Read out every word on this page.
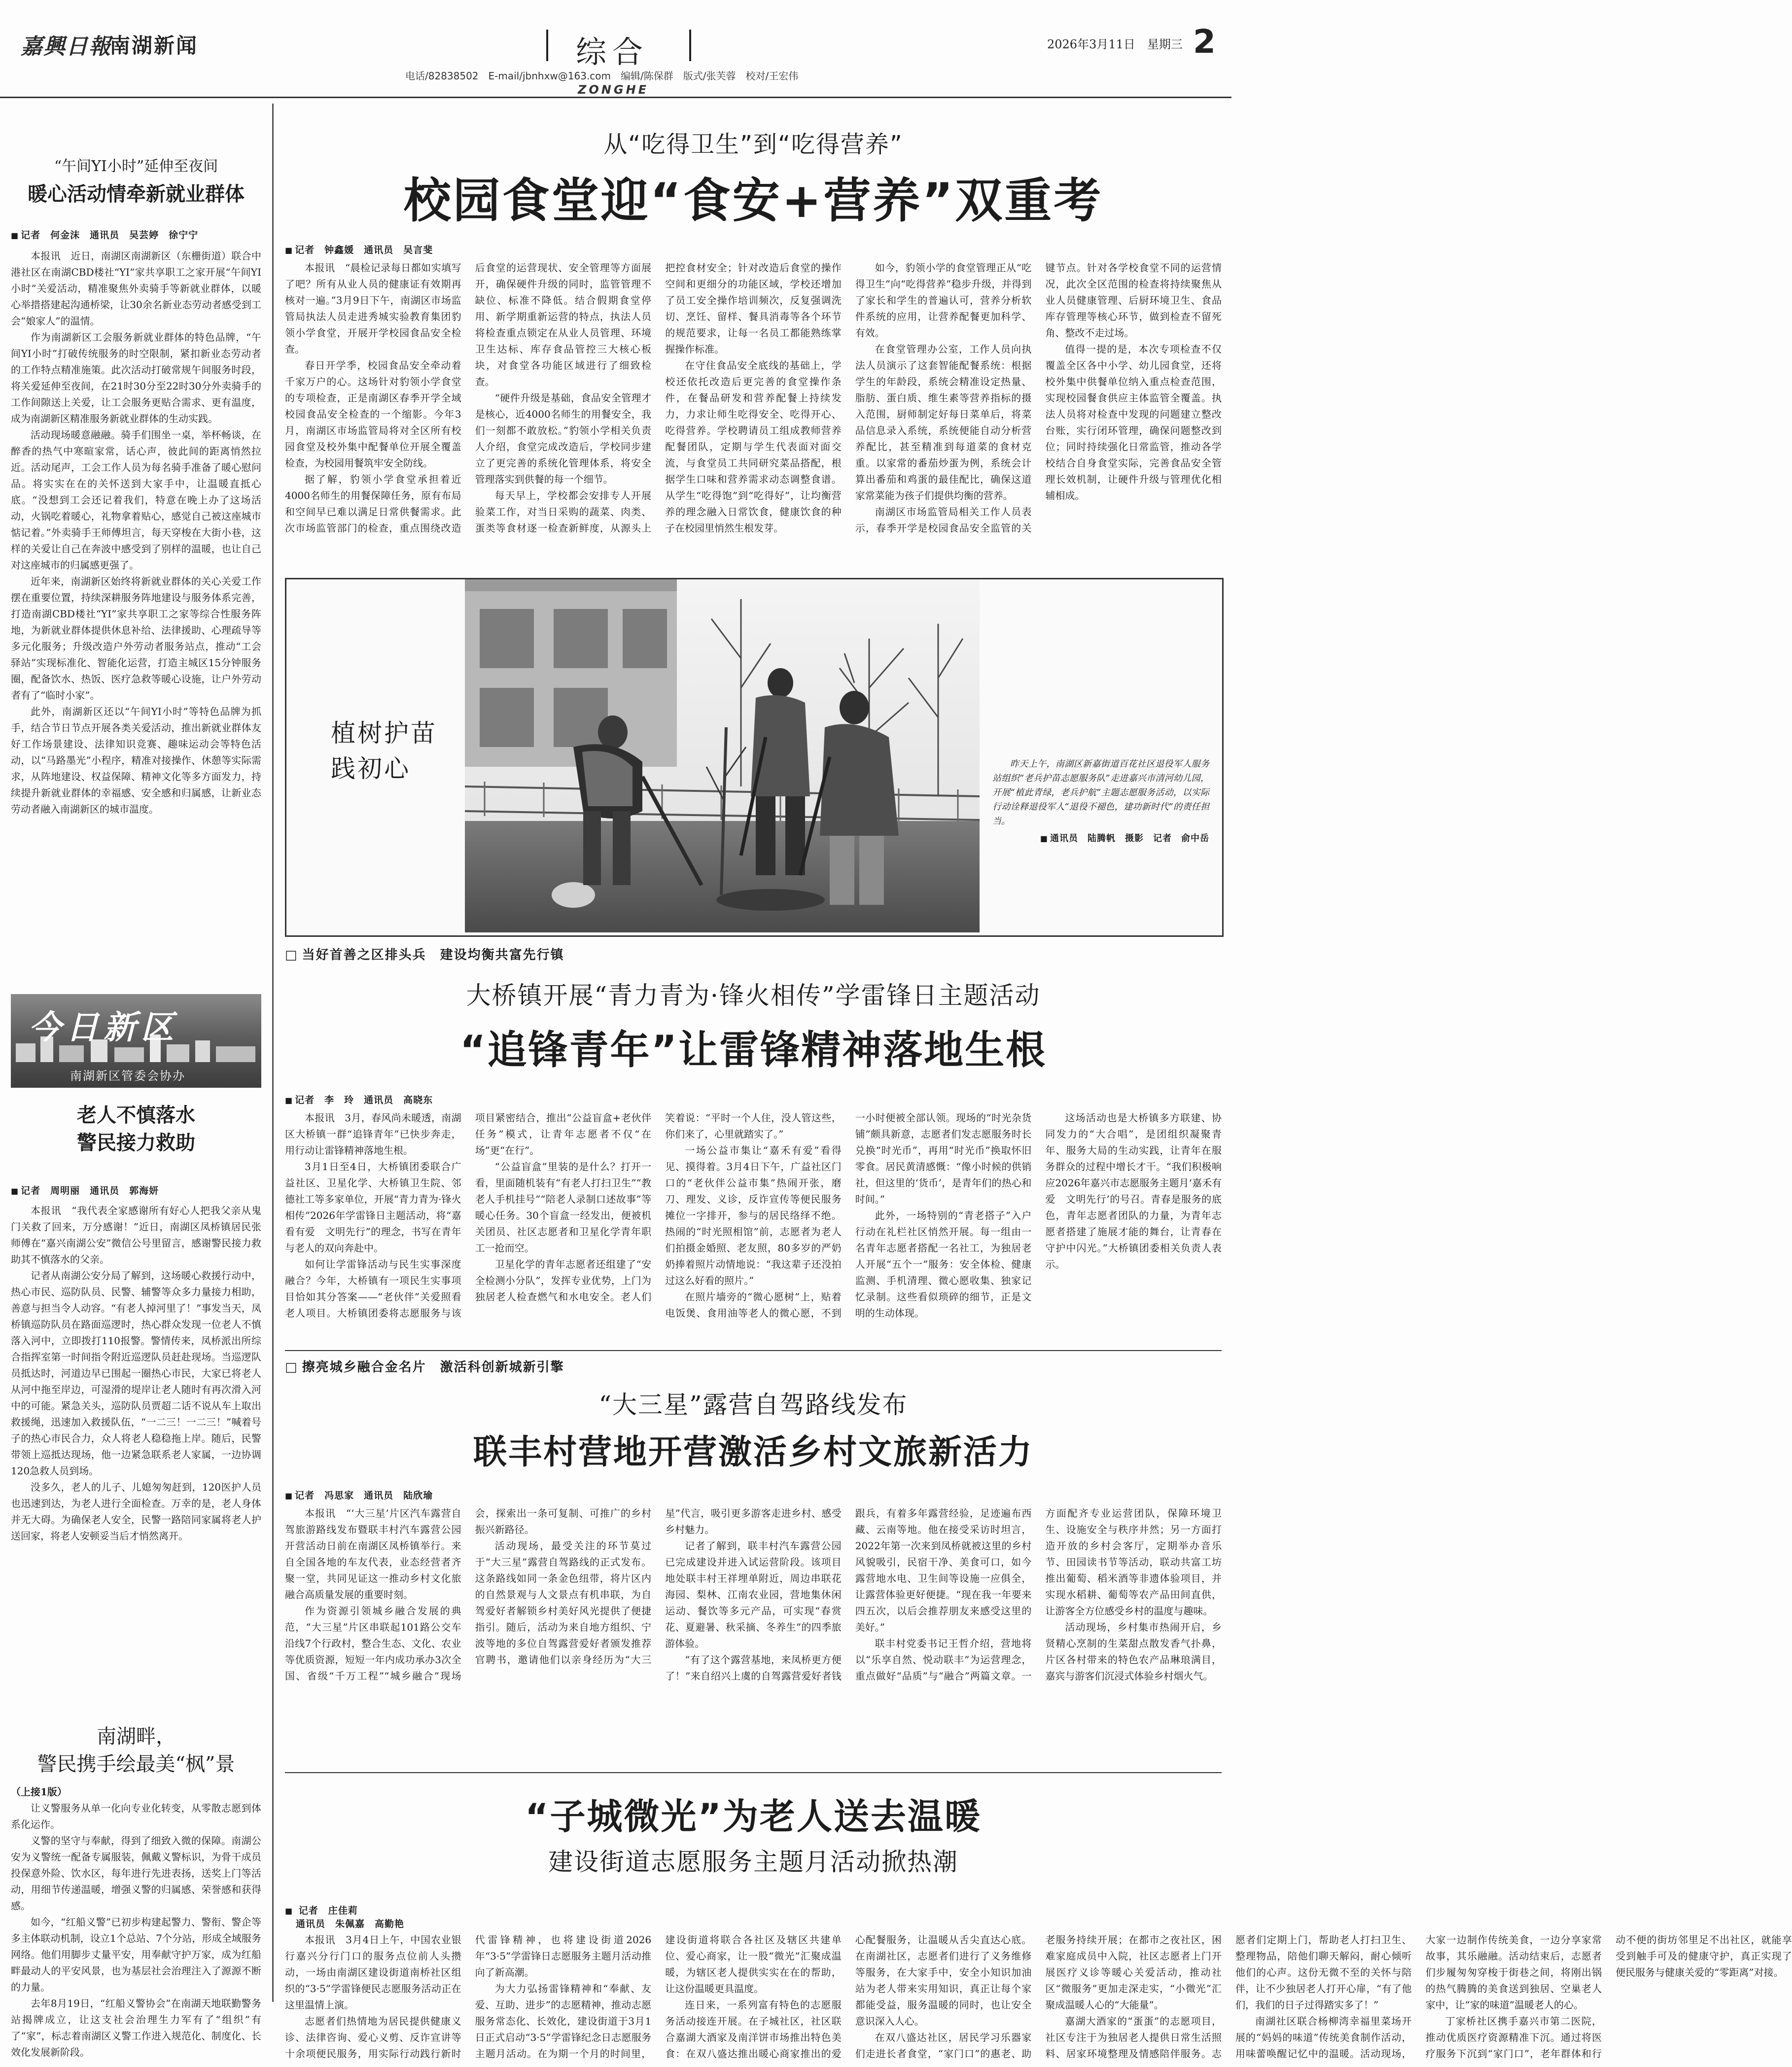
嘉興日報
南湖新闻	综合
ZONGHE
电话/82838502　E-mail/jbnhxw@163.com　编辑/陈保群　版式/张芙蓉　校对/王宏伟
2026年3月11日　星期三 2
“午间YI小时”延伸至夜间
暖心活动情牵新就业群体
■ 记者　何金沫　通讯员　吴芸婷　徐宁宁

本报讯　近日，南湖区南湖新区（东栅街道）联合中港社区在南湖CBD楼社“YI”家共享职工之家开展“午间YI小时”关爱活动，精准聚焦外卖骑手等新就业群体，以暖心举措搭建起沟通桥梁，让30余名新业态劳动者感受到工会“娘家人”的温情。

作为南湖新区工会服务新就业群体的特色品牌，“午间YI小时”打破传统服务的时空限制，紧扣新业态劳动者的工作特点精准施策。此次活动打破常规午间服务时段，将关爱延伸至夜间，在21时30分至22时30分外卖骑手的工作间隙送上关爱，让工会服务更贴合需求、更有温度，成为南湖新区精准服务新就业群体的生动实践。

活动现场暖意融融。骑手们围坐一桌，举杯畅谈，在醉香的热气中寒暄家常，话心声，彼此间的距离悄然拉近。活动尾声，工会工作人员为每名骑手准备了暖心慰问品。将实实在在的关怀送到大家手中，让温暖直抵心底。“没想到工会还记着我们，特意在晚上办了这场活动，火锅吃着暖心，礼物拿着贴心，感觉自己被这座城市惦记着。”外卖骑手王师傅坦言，每天穿梭在大街小巷，这样的关爱让自己在奔波中感受到了别样的温暖，也让自己对这座城市的归属感更强了。

近年来，南湖新区始终将新就业群体的关心关爱工作摆在重要位置，持续深耕服务阵地建设与服务体系完善，打造南湖CBD楼社“YI”家共享职工之家等综合性服务阵地，为新就业群体提供休息补给、法律援助、心理疏导等多元化服务；升级改造户外劳动者服务站点，推动“工会驿站”实现标准化、智能化运营，打造主城区15分钟服务圈，配备饮水、热饭、医疗急救等暖心设施，让户外劳动者有了“临时小家”。

此外，南湖新区还以“午间YI小时”等特色品牌为抓手，结合节日节点开展各类关爱活动，推出新就业群体友好工作场景建设、法律知识竞赛、趣味运动会等特色活动，以“马路墨光”小程序，精准对接操作、休憩等实际需求，从阵地建设、权益保障、精神文化等多方面发力，持续提升新就业群体的幸福感、安全感和归属感，让新业态劳动者融入南湖新区的城市温度。

今日新区
南湖新区管委会协办
老人不慎落水
警民接力救助
■ 记者　周明丽　通讯员　郭海妍

本报讯　“我代表全家感谢所有好心人把我父亲从鬼门关救了回来，万分感谢！”近日，南湖区凤桥镇居民张师傅在“嘉兴南湖公安”微信公号里留言，感谢警民接力救助其不慎落水的父亲。

记者从南湖公安分局了解到，这场暖心救援行动中，热心市民、巡防队员、民警、辅警等众多力量接力相助，善意与担当令人动容。“有老人掉河里了！”事发当天，凤桥镇巡防队员在路面巡逻时，热心群众发现一位老人不慎落入河中，立即拨打110报警。警情传来，凤桥派出所综合指挥室第一时间指令附近巡逻队员赶赴现场。当巡逻队员抵达时，河道边早已围起一圈热心市民，大家已将老人从河中拖至岸边，可湿滑的堤岸让老人随时有再次滑入河中的可能。紧急关头，巡防队员贾超二话不说从车上取出救援绳，迅速加入救援队伍，“一二三！一二三！”喊着号子的热心市民合力，众人将老人稳稳拖上岸。随后，民警带领上巡抵达现场，他一边紧急联系老人家属，一边协调120急救人员到场。

没多久，老人的儿子、儿媳匆匆赶到，120医护人员也迅速到达，为老人进行全面检查。万幸的是，老人身体并无大碍。为确保老人安全，民警一路陪同家属将老人护送回家，将老人安顿妥当后才悄然离开。

南湖畔，
警民携手绘最美“枫”景
（上接1版）

让义警服务从单一化向专业化转变，从零散志愿到体系化运作。

义警的坚守与奉献，得到了细致入微的保障。南湖公安为义警统一配备专属服装，佩戴义警标识，为骨干成员投保意外险、饮水区，每年进行先进表扬，送奖上门等活动，用细节传递温暖，增强义警的归属感、荣誉感和获得感。

如今，“红船义警”已初步构建起警力、警衔、警企等多主体联动机制，设立1个总站、7个分站，形成全域服务网络。他们用脚步丈量平安，用奉献守护万家，成为红船畔最动人的平安风景，也为基层社会治理注入了源源不断的力量。

去年8月19日，“红船义警协会”在南湖天地联勤警务站揭牌成立，让这支社会治理生力军有了“组织”有了“家”，标志着南湖区义警工作进入规范化、制度化、长效化发展新阶段。

从“吃得卫生”到“吃得营养”
校园食堂迎“食安+营养”双重考
■ 记者　钟鑫媛　通讯员　吴言斐

本报讯　“晨检记录每日都如实填写了吧？所有从业人员的健康证有效期再核对一遍。”3月9日下午，南湖区市场监管局执法人员走进秀城实验教育集团豹领小学食堂，开展开学校园食品安全检查。

春日开学季，校园食品安全牵动着千家万户的心。这场针对豹领小学食堂的专项检查，正是南湖区春季开学全域校园食品安全检查的一个缩影。今年3月，南湖区市场监管局将对全区所有校园食堂及校外集中配餐单位开展全覆盖检查，为校园用餐筑牢安全防线。

据了解，豹领小学食堂承担着近4000名师生的用餐保障任务，原有布局和空间早已难以满足日常供餐需求。此次市场监管部门的检查，重点围绕改造后食堂的运营现状、安全管理等方面展开，确保硬件升级的同时，监管管理不缺位、标准不降低。结合假期食堂停用、新学期重新运营的特点，执法人员将检查重点锁定在从业人员管理、环境卫生达标、库存食品管控三大核心板块，对食堂各功能区域进行了细致检查。

“硬件升级是基础，食品安全管理才是核心，近4000名师生的用餐安全，我们一刻都不敢放松。”豹领小学相关负责人介绍，食堂完成改造后，学校同步建立了更完善的系统化管理体系，将安全管理落实到供餐的每一个细节。

每天早上，学校都会安排专人开展验菜工作，对当日采购的蔬菜、肉类、蛋类等食材逐一检查新鲜度，从源头上把控食材安全；针对改造后食堂的操作空间和更细分的功能区域，学校还增加了员工安全操作培训频次，反复强调洗切、烹饪、留样、餐具消毒等各个环节的规范要求，让每一名员工都能熟练掌握操作标准。

在守住食品安全底线的基础上，学校还依托改造后更完善的食堂操作条件，在餐品研发和营养配餐上持续发力，力求让师生吃得安全、吃得开心、吃得营养。学校聘请员工组成教师营养配餐团队，定期与学生代表面对面交流，与食堂员工共同研究菜品搭配，根据学生口味和营养需求动态调整食谱。从学生“吃得饱”到“吃得好”，让均衡营养的理念融入日常饮食，健康饮食的种子在校园里悄然生根发芽。

如今，豹领小学的食堂管理正从“吃得卫生”向“吃得营养”稳步升级，并得到了家长和学生的普遍认可，营养分析软件系统的应用，让营养配餐更加科学、有效。

在食堂管理办公室，工作人员向执法人员演示了这套智能配餐系统：根据学生的年龄段，系统会精准设定热量、脂肪、蛋白质、维生素等营养指标的摄入范围，厨师制定好每日菜单后，将菜品信息录入系统，系统便能自动分析营养配比，甚至精准到每道菜的食材克重。以家常的番茄炒蛋为例，系统会计算出番茄和鸡蛋的最佳配比，确保这道家常菜能为孩子们提供均衡的营养。

南湖区市场监管局相关工作人员表示，春季开学是校园食品安全监管的关键节点。针对各学校食堂不同的运营情况，此次全区范围的检查将持续聚焦从业人员健康管理、后厨环境卫生、食品库存管理等核心环节，做到检查不留死角、整改不走过场。

值得一提的是，本次专项检查不仅覆盖全区各中小学、幼儿园食堂，还将校外集中供餐单位纳入重点检查范围，实现校园餐食供应主体监管全覆盖。执法人员将对检查中发现的问题建立整改台账，实行闭环管理，确保问题整改到位；同时持续强化日常监管，推动各学校结合自身食堂实际，完善食品安全管理长效机制，让硬件升级与管理优化相辅相成。

植树护苗
践初心	昨天上午，南湖区新嘉街道百花社区退役军人服务站组织“老兵护苗志愿服务队”走进嘉兴市清河幼儿园，开展“植此青绿，老兵护航”主题志愿服务活动，以实际行动诠释退役军人“退役不褪色，建功新时代”的责任担当。
■ 通讯员　陆腾帆　摄影　记者　俞中岳
□ 当好首善之区排头兵　建设均衡共富先行镇
大桥镇开展“青力青为·锋火相传”学雷锋日主题活动
“追锋青年”让雷锋精神落地生根
■ 记者　李　玲　通讯员　高晓东

本报讯　3月，春风尚未暖透，南湖区大桥镇一群“追锋青年”已快步奔走，用行动让雷锋精神落地生根。

3月1日至4日，大桥镇团委联合广益社区、卫星化学、大桥镇卫生院、邻德社工等多家单位，开展“青力青为·锋火相传”2026年学雷锋日主题活动，将“嘉看有爱　文明先行”的理念，书写在青年与老人的双向奔赴中。

如何让学雷锋活动与民生实事深度融合？今年，大桥镇有一项民生实事项目恰如其分答案——“老伙伴”关爱照看老人项目。大桥镇团委将志愿服务与该项目紧密结合，推出“公益盲盒+老伙伴任务”模式，让青年志愿者不仅“在场”更“在行”。

“公益盲盒”里装的是什么？打开一看，里面随机装有“有老人打扫卫生”“教老人手机挂号”“陪老人录制口述故事”等暖心任务。30个盲盒一经发出，便被机关团员、社区志愿者和卫星化学青年职工一抢而空。

卫星化学的青年志愿者还组建了“安全检测小分队”，发挥专业优势，上门为独居老人检查燃气和水电安全。老人们笑着说：“平时一个人住，没人管这些，你们来了，心里就踏实了。”

一场公益市集让“嘉禾有爱”看得见、摸得着。3月4日下午，广益社区门口的“老伙伴公益市集”热闹开张，磨刀、理发、义诊，反诈宣传等便民服务摊位一字排开，参与的居民络绎不绝。热闹的“时光照相馆”前，志愿者为老人们拍摄金婚照、老友照，80多岁的严奶奶捧着照片动情地说：“我这辈子还没拍过这么好看的照片。”

在照片墙旁的“微心愿树”上，贴着电饭煲、食用油等老人的微心愿，不到一小时便被全部认领。现场的“时光杂货铺”颇具新意，志愿者们发志愿服务时长兑换“时光币”，再用“时光币”换取怀旧零食。居民黄清感慨：“像小时候的供销社，但这里的‘货币’，是青年们的热心和时间。”

此外，一场特别的“青老搭子”入户行动在礼栏社区悄然开展。每一组由一名青年志愿者搭配一名社工，为独居老人开展“五个一”服务：安全体检、健康监测、手机清理、微心愿收集、独家记忆录制。这些看似琐碎的细节，正是文明的生动体现。

这场活动也是大桥镇多方联建、协同发力的“大合唱”，是团组织凝聚青年、服务大局的生动实践，让青年在服务群众的过程中增长才干。“我们积极响应2026年嘉兴市志愿服务主题月‘嘉禾有爱　文明先行’的号召。青春是服务的底色，青年志愿者团队的力量，为青年志愿者搭建了施展才能的舞台，让青春在守护中闪光。”大桥镇团委相关负责人表示。

□ 擦亮城乡融合金名片　激活科创新城新引擎
“大三星”露营自驾路线发布
联丰村营地开营激活乡村文旅新活力
■ 记者　冯思家　通讯员　陆欣瑜

本报讯　“‘大三星’片区汽车露营自驾旅游路线发布暨联丰村汽车露营公园开营活动日前在南湖区凤桥镇举行。来自全国各地的车友代表，业态经营者齐聚一堂，共同见证这一推动乡村文化旅融合高质量发展的重要时刻。

作为资源引领城乡融合发展的典范，“大三星”片区串联起101路公交车沿线7个行政村，整合生态、文化、农业等优质资源，短短一年内成功承办3次全国、省级“千万工程”“城乡融合”现场会，探索出一条可复制、可推广的乡村振兴新路径。

活动现场，最受关注的环节莫过于“大三星”露营自驾路线的正式发布。这条路线如同一条金色纽带，将片区内的自然景观与人文景点有机串联，为自驾爱好者解锁乡村美好风光提供了便捷指引。随后，活动为来自地方组织、宁波等地的多位自驾露营爱好者颁发推荐官聘书，邀请他们以亲身经历为“大三星”代言，吸引更多游客走进乡村、感受乡村魅力。

记者了解到，联丰村汽车露营公园已完成建设并进入试运营阶段。该项目地处联丰村王祥埋单附近，周边串联花海园、梨林、江南农业园，营地集休闲运动、餐饮等多元产品，可实现“春赏花、夏避暑、秋采摘、冬养生”的四季旅游体验。

“有了这个露营基地，来凤桥更方便了！”来自绍兴上虞的自驾露营爱好者钱跟兵，有着多年露营经验，足迹遍布西藏、云南等地。他在接受采访时坦言，2022年第一次来到凤桥就被这里的乡村风貌吸引，民宿干净、美食可口，如今露营地水电、卫生间等设施一应俱全，让露营体验更好便捷。“现在我一年要来四五次，以后会推荐朋友来感受这里的美好。”

联丰村党委书记王哲介绍，营地将以“乐享自然、悦动联丰”为运营理念，重点做好“品质”与“融合”两篇文章。一方面配齐专业运营团队，保障环境卫生、设施安全与秩序井然；另一方面打造开放的乡村会客厅，定期举办音乐节、田园读书节等活动，联动共富工坊推出葡萄、稻米酒等非遗体验项目，并实现水稻耕、葡萄等农产品田间直供，让游客全方位感受乡村的温度与趣味。

活动现场，乡村集市热闹开启，乡贤精心烹制的生菜甜点散发香气扑鼻，片区各村带来的特色农产品琳琅满目，嘉宾与游客们沉浸式体验乡村烟火气。

“子城微光”为老人送去温暖
建设街道志愿服务主题月活动掀热潮
■ 记者　庄佳莉
通讯员　朱佩嘉　高勤艳

本报讯　3月4日上午，中国农业银行嘉兴分行门口的服务点位前人头攒动，一场由南湖区建设街道南桥社区组织的“3·5”学雷锋便民志愿服务活动正在这里温情上演。

志愿者们热情地为居民提供健康义诊、法律咨询、爱心义剪、反诈宣讲等十余项便民服务，用实际行动践行新时代雷锋精神，也将建设街道2026年“3·5”学雷锋日志愿服务主题月活动推向了新高潮。

为大力弘扬雷锋精神和“奉献、友爱、互助、进步”的志愿精神，推动志愿服务常态化、长效化，建设街道于3月1日正式启动“3·5”学雷锋纪念日志愿服务主题月活动。在为期一个月的时间里，建设街道将联合各社区及辖区共建单位、爱心商家，让一股“微光”汇聚成温暖，为辖区老人提供实实在在的帮助，让这份温暖更具温度。

连日来，一系列富有特色的志愿服务活动接连开展。在子城社区，社区联合嘉湖大酒家及南洋饼市场推出特色美食：在双八盛达推出暖心商家推出的爱心配餐服务，让温暖从舌尖直达心底。在南湖社区，志愿者们进行了义务维修等服务，在大家手中，安全小知识加油站为老人带来实用知识，真正让每个家都能受益，服务温暖的同时，也让安全意识深入人心。

在双八盛达社区，居民学习乐器家们走进长者食堂，“家门口”的惠老、助老服务持续开展；在都市之夜社区，困难家庭成员中入院，社区志愿者上门开展医疗义诊等暖心关爱活动，推动社区“微服务”更加走深走实，“小微光”汇聚成温暖人心的“大能量”。

嘉湖大酒家的“蛋蛋”的志愿项目，社区专注于为独居老人提供日常生活照料、居家环境整理及情感陪伴服务。志愿者们定期上门，帮助老人打扫卫生、整理物品，陪他们聊天解闷，耐心倾听他们的心声。这份无微不至的关怀与陪伴，让不少独居老人打开心扉，“有了他们，我们的日子过得踏实多了！”

南湖社区联合杨柳湾幸福里菜场开展的“妈妈的味道”传统美食制作活动，用味蕾唤醒记忆中的温暖。活动现场，大家一边制作传统美食，一边分享家常故事，其乐融融。活动结束后，志愿者们步履匆匆穿梭于街巷之间，将刚出锅的热气腾腾的美食送到独居、空巢老人家中，让“家的味道”温暖老人的心。

丁家桥社区携手嘉兴市第二医院，推动优质医疗资源精准下沉。通过将医疗服务下沉到“家门口”，老年群体和行动不便的街坊邻里足不出社区，就能享受到触手可及的健康守护，真正实现了便民服务与健康关爱的“零距离”对接。
